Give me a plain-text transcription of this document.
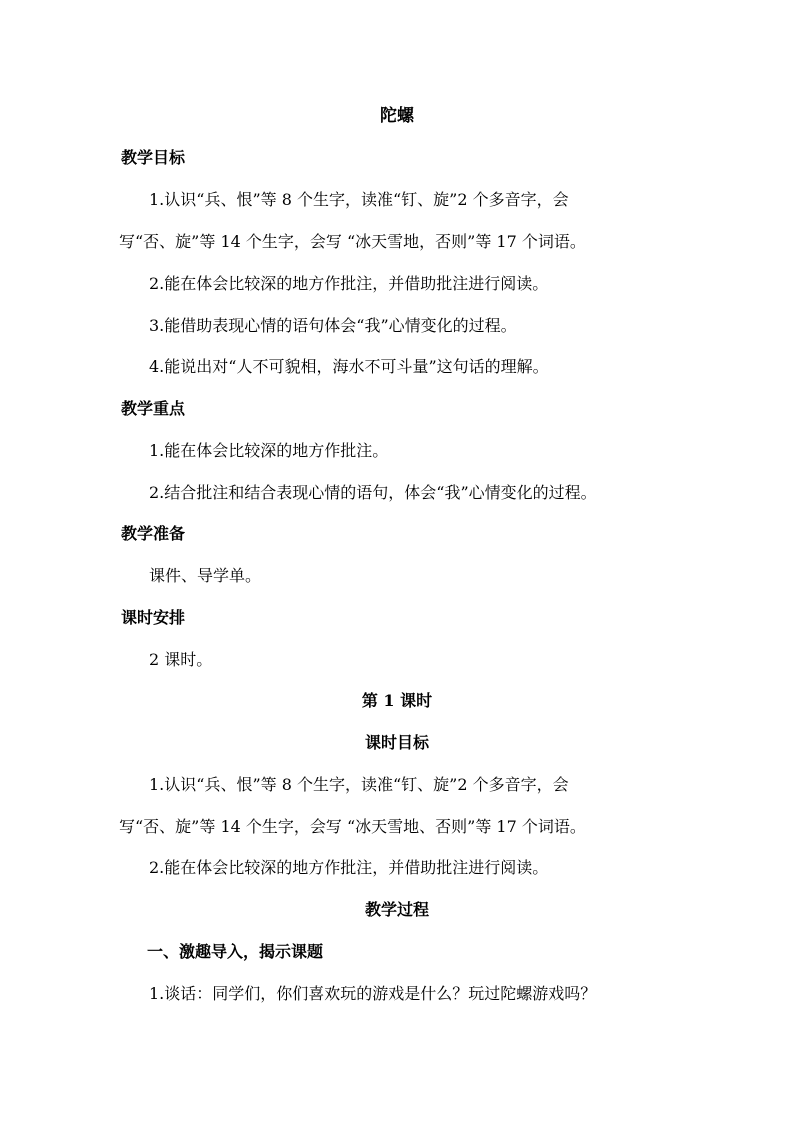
陀螺
教学目标
1.认识“兵、恨”等 8 个生字，读准“钉、旋”2 个多音字，会
写“否、旋”等 14 个生字，会写 “冰天雪地，否则”等 17 个词语。
2.能在体会比较深的地方作批注，并借助批注进行阅读。
3.能借助表现心情的语句体会“我”心情变化的过程。
4.能说出对“人不可貌相，海水不可斗量”这句话的理解。
教学重点
1.能在体会比较深的地方作批注。
2.结合批注和结合表现心情的语句，体会“我”心情变化的过程。
教学准备
课件、导学单。
课时安排
2 课时。
第 1 课时
课时目标
1.认识“兵、恨”等 8 个生字，读准“钉、旋”2 个多音字，会
写“否、旋”等 14 个生字，会写 “冰天雪地、否则”等 17 个词语。
2.能在体会比较深的地方作批注，并借助批注进行阅读。
教学过程
一、激趣导入，揭示课题
1.谈话：同学们，你们喜欢玩的游戏是什么？玩过陀螺游戏吗？
